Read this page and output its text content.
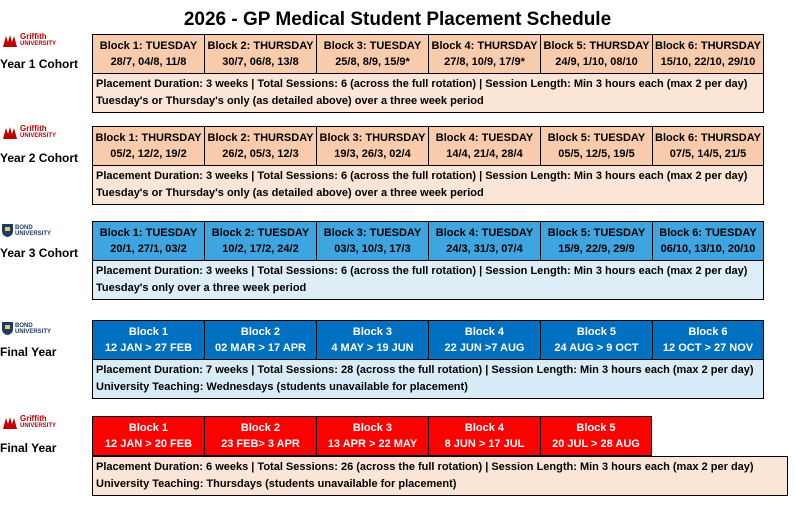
2026 - GP Medical Student Placement Schedule
Griffith
UNIVERSITY
Year 1 Cohort
Block 1: TUESDAY
28/7, 04/8, 11/8
Block 2: THURSDAY
30/7, 06/8, 13/8
Block 3: TUESDAY
25/8, 8/9, 15/9*
Block 4: THURSDAY
27/8, 10/9, 17/9*
Block 5: THURSDAY
24/9, 1/10, 08/10
Block 6: THURSDAY
15/10, 22/10, 29/10
Placement Duration: 3 weeks | Total Sessions: 6 (across the full rotation) | Session Length: Min 3 hours each (max 2 per day)
Tuesday's or Thursday's only (as detailed above) over a three week period
Griffith
UNIVERSITY
Year 2 Cohort
Block 1: THURSDAY
05/2, 12/2, 19/2
Block 2: THURSDAY
26/2, 05/3, 12/3
Block 3: THURSDAY
19/3, 26/3, 02/4
Block 4: TUESDAY
14/4, 21/4, 28/4
Block 5: TUESDAY
05/5, 12/5, 19/5
Block 6: THURSDAY
07/5, 14/5, 21/5
Placement Duration: 3 weeks | Total Sessions: 6 (across the full rotation) | Session Length: Min 3 hours each (max 2 per day)
Tuesday's or Thursday's only (as detailed above) over a three week period
BOND
UNIVERSITY
Year 3 Cohort
Block 1: TUESDAY
20/1, 27/1, 03/2
Block 2: TUESDAY
10/2, 17/2, 24/2
Block 3: TUESDAY
03/3, 10/3, 17/3
Block 4: TUESDAY
24/3, 31/3, 07/4
Block 5: TUESDAY
15/9, 22/9, 29/9
Block 6: TUESDAY
06/10, 13/10, 20/10
Placement Duration: 3 weeks | Total Sessions: 6 (across the full rotation) | Session Length: Min 3 hours each (max 2 per day)
Tuesday's only over a three week period
BOND
UNIVERSITY
Final Year
Block 1
12 JAN > 27 FEB
Block 2
02 MAR > 17 APR
Block 3
4 MAY > 19 JUN
Block 4
22 JUN >7 AUG
Block 5
24 AUG > 9 OCT
Block 6
12 OCT > 27 NOV
Placement Duration: 7 weeks | Total Sessions: 28 (across the full rotation) | Session Length: Min 3 hours each (max 2 per day)
University Teaching: Wednesdays (students unavailable for placement)
Griffith
UNIVERSITY
Final Year
Block 1
12 JAN > 20 FEB
Block 2
23 FEB> 3 APR
Block 3
13 APR > 22 MAY
Block 4
8 JUN > 17 JUL
Block 5
20 JUL > 28 AUG
Placement Duration: 6 weeks | Total Sessions: 26 (across the full rotation) | Session Length: Min 3 hours each (max 2 per day)
University Teaching: Thursdays (students unavailable for placement)
